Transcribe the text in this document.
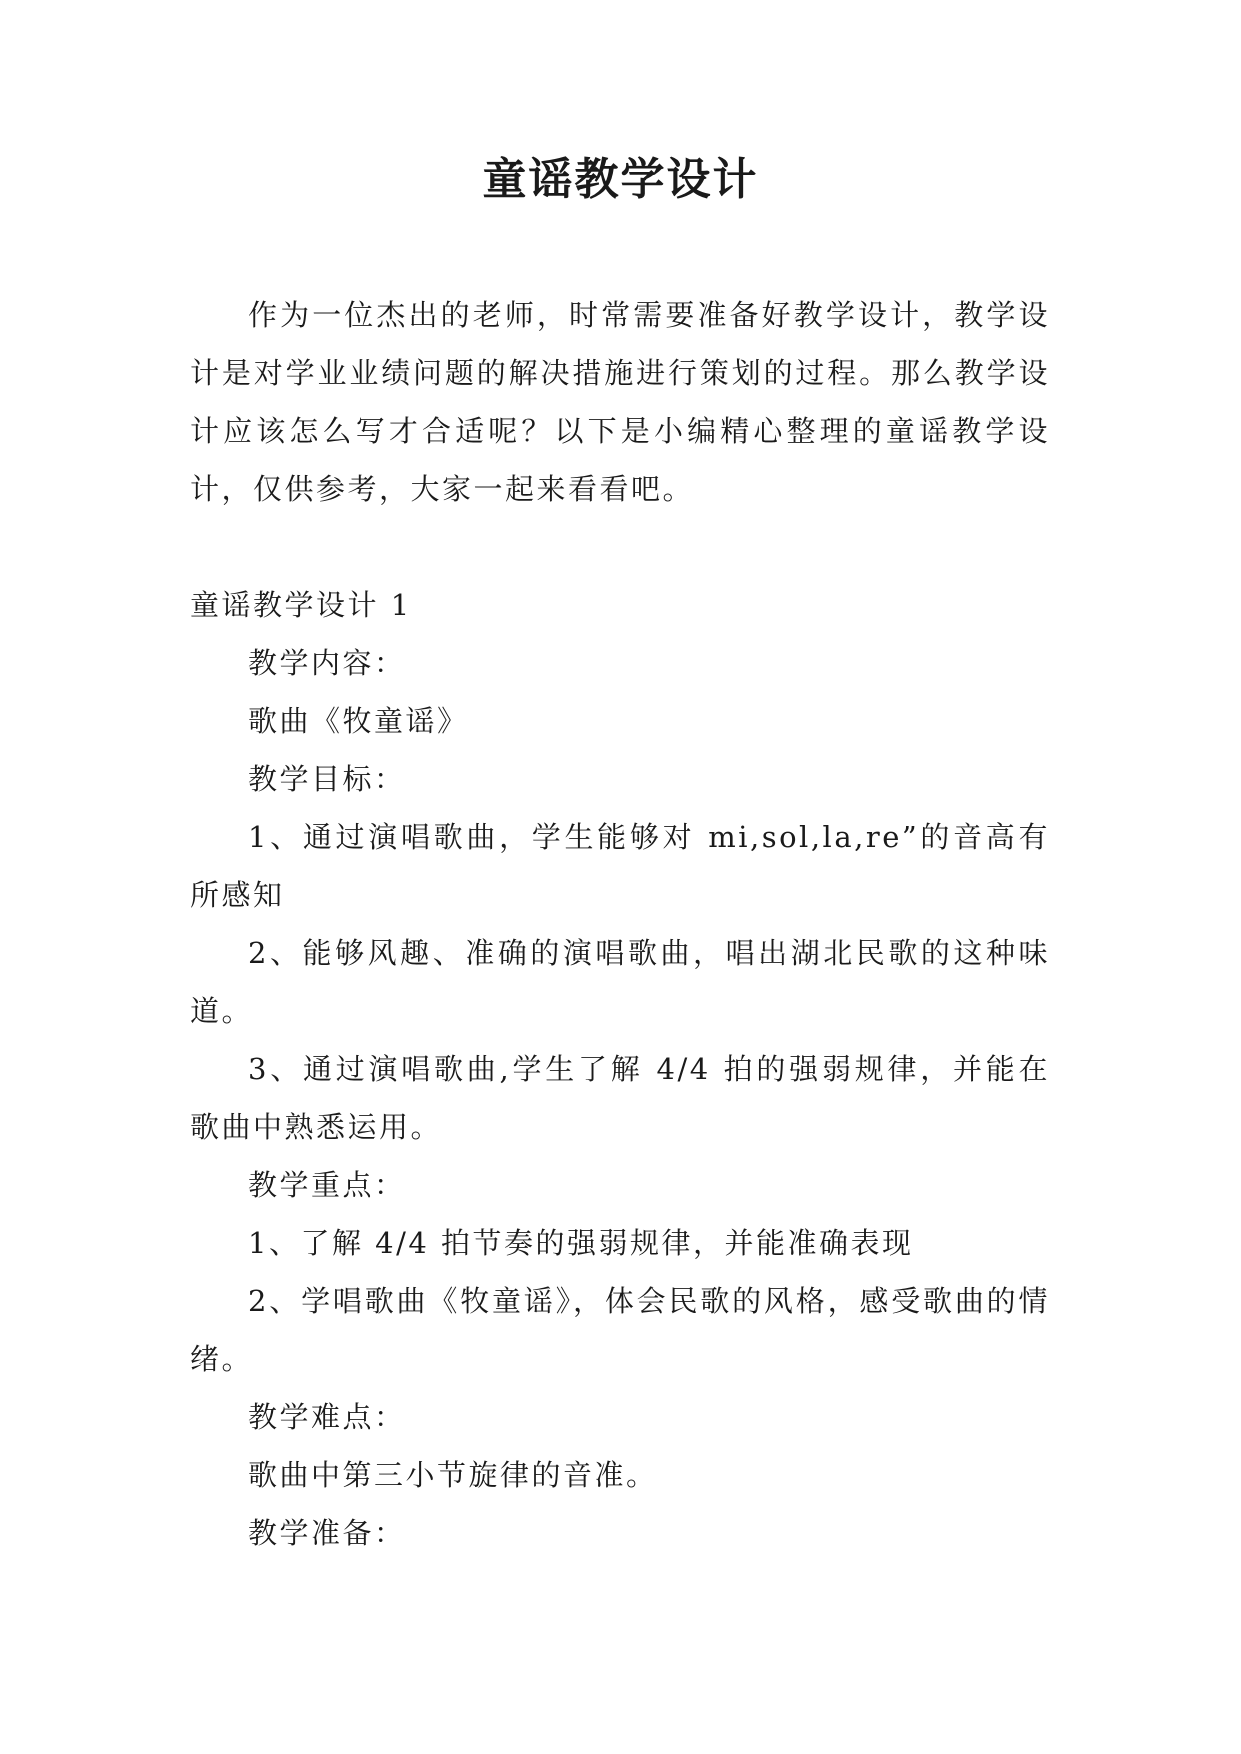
童谣教学设计

作为一位杰出的老师，时常需要准备好教学设计，教学设计是对学业业绩问题的解决措施进行策划的过程。那么教学设计应该怎么写才合适呢？以下是小编精心整理的童谣教学设计，仅供参考，大家一起来看看吧。

童谣教学设计 1

教学内容：

歌曲《牧童谣》

教学目标：

1、通过演唱歌曲，学生能够对 mi,sol,la,re”的音高有所感知

2、能够风趣、准确的演唱歌曲，唱出湖北民歌的这种味道。

3、通过演唱歌曲,学生了解 4/4 拍的强弱规律，并能在歌曲中熟悉运用。

教学重点：

1、了解 4/4 拍节奏的强弱规律，并能准确表现

2、学唱歌曲《牧童谣》，体会民歌的风格，感受歌曲的情绪。

教学难点：

歌曲中第三小节旋律的音准。

教学准备：
